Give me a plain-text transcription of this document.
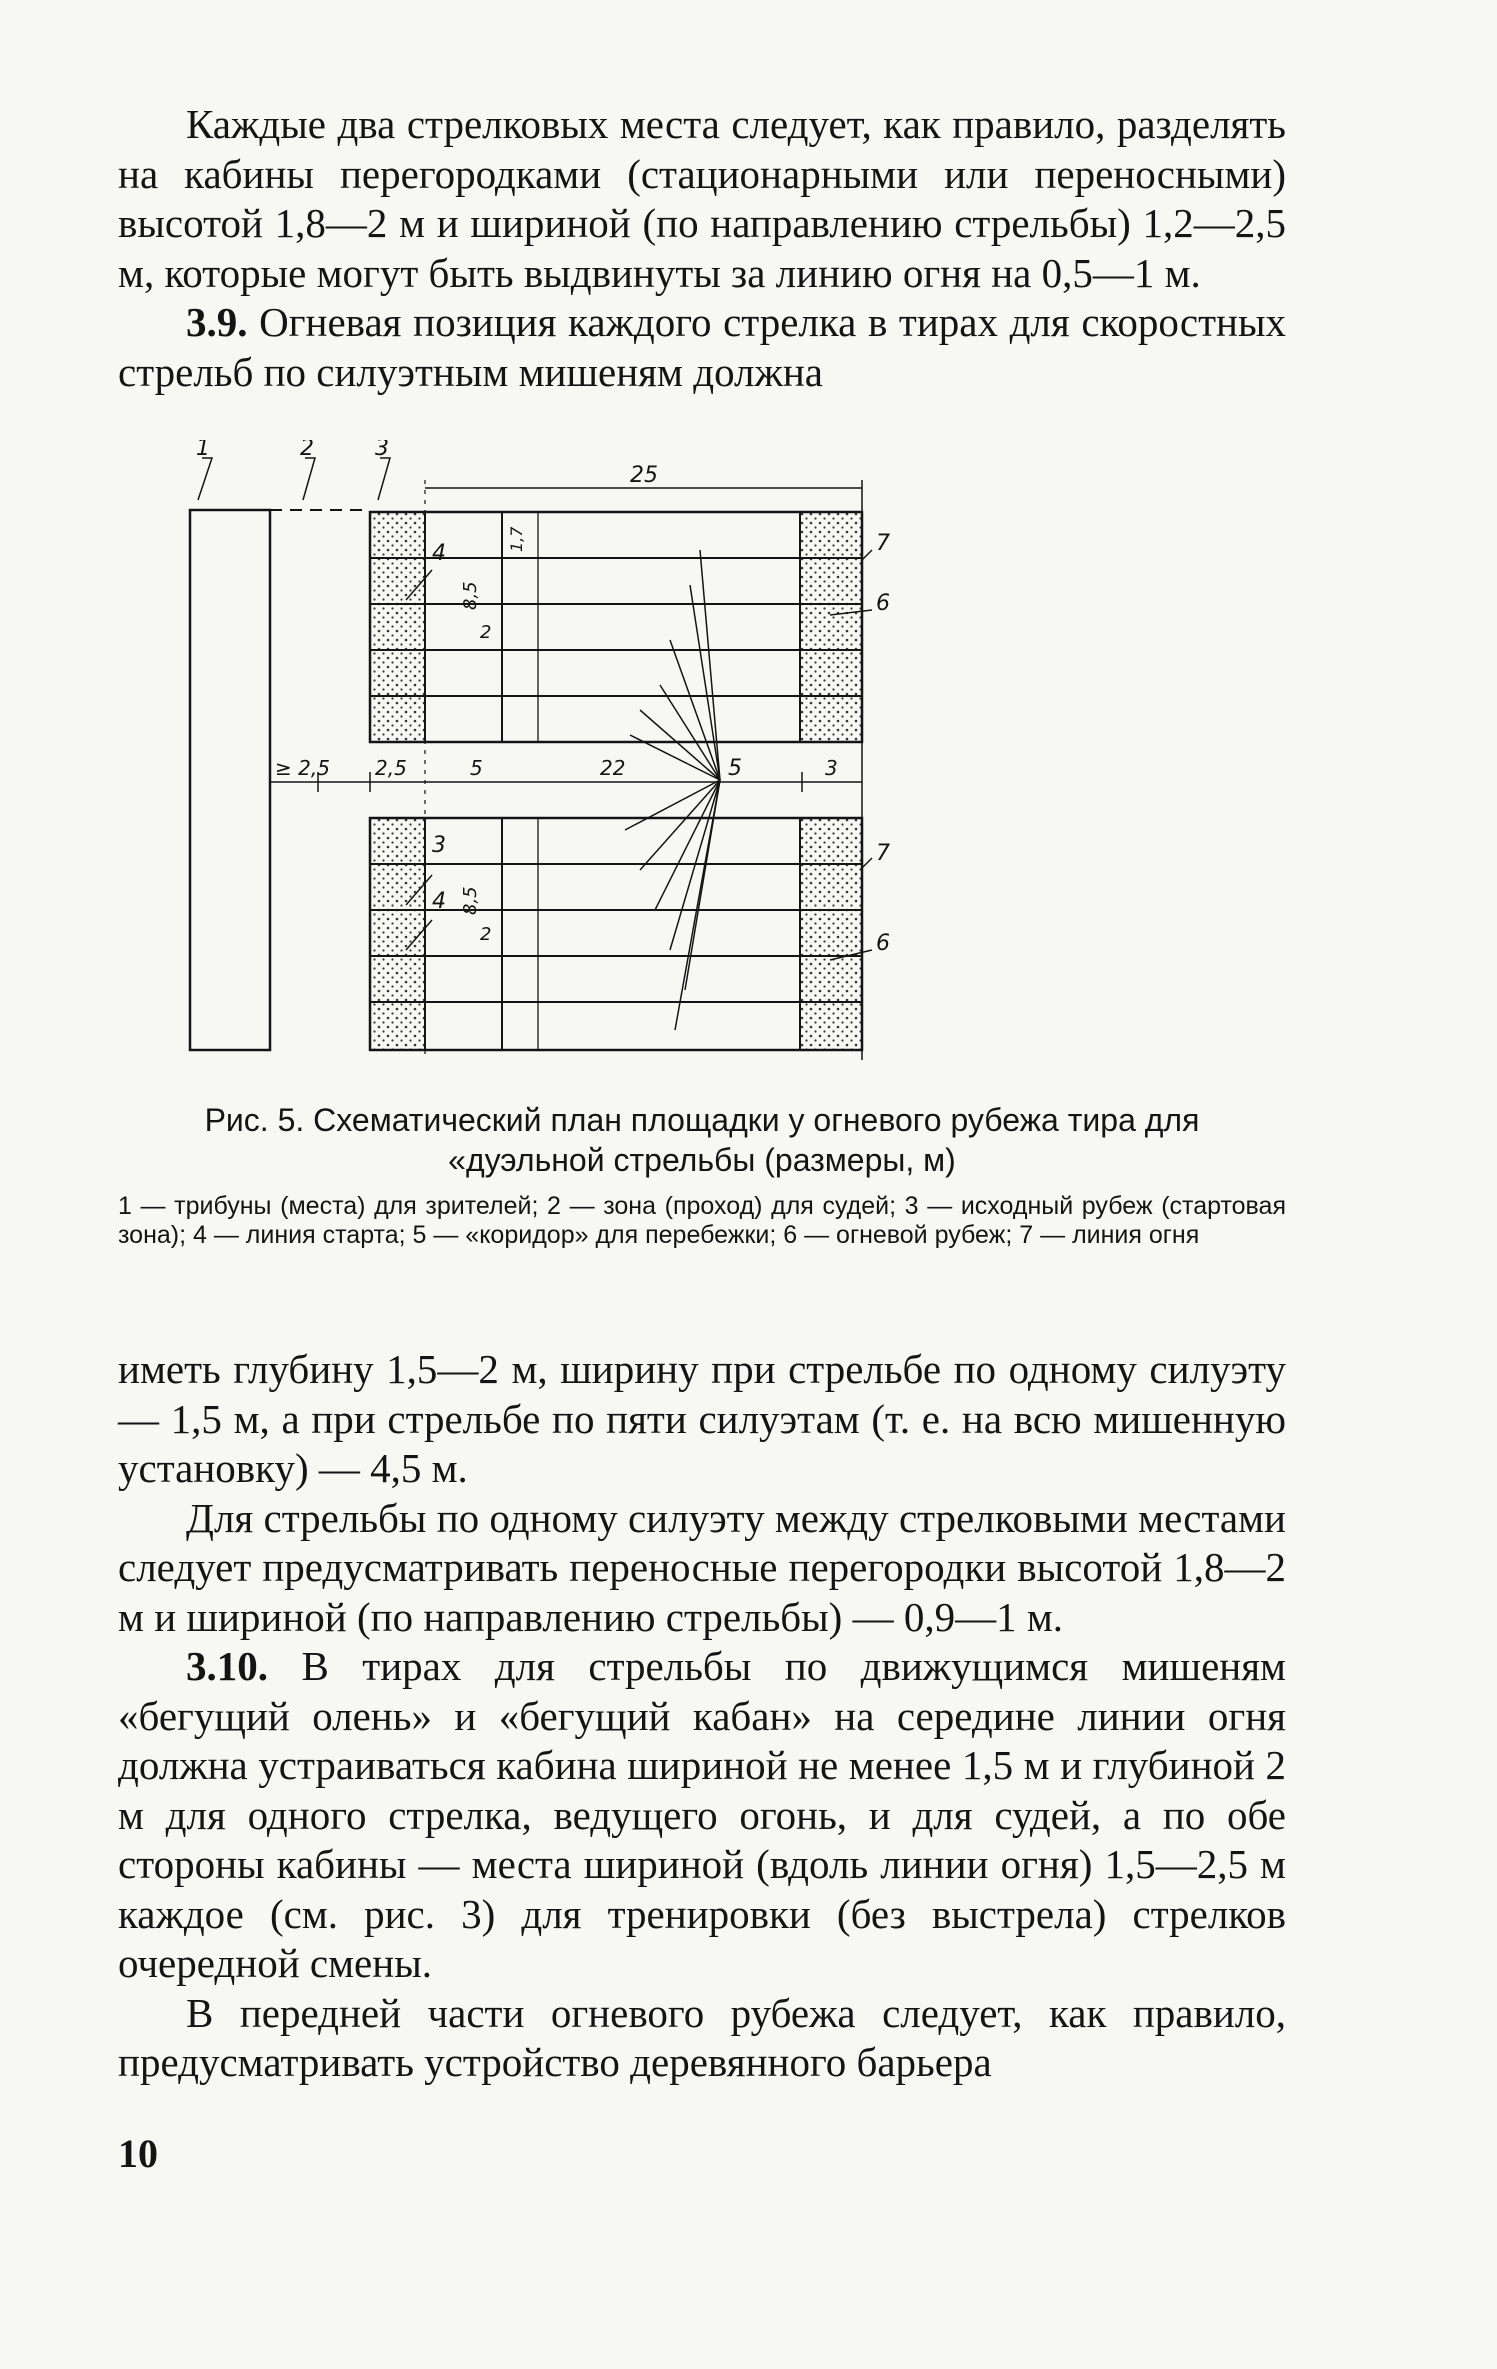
Каждые два стрелковых места следует, как правило, разделять на кабины перегородками (стационарными или переносными) высотой 1,8—2 м и шириной (по направлению стрельбы) 1,2—2,5 м, которые могут быть выдвинуты за линию огня на 0,5—1 м.
3.9. Огневая позиция каждого стрелка в тирах для скоростных стрельб по силуэтным мишеням должна
1	2	3
4
3
4
5
6
6
7
7
25
≥ 2,5 2,5	5	22	3
8,5
8,5
2
2
1,7
Рис. 5. Схематический план площадки у огневого рубежа тира для
«дуэльной стрельбы (размеры, м)
1 — трибуны (места) для зрителей; 2 — зона (проход) для судей; 3 — исходный рубеж (стартовая зона); 4 — линия старта; 5 — «коридор» для перебежки; 6 — огневой рубеж; 7 — линия огня
иметь глубину 1,5—2 м, ширину при стрельбе по одному силуэту — 1,5 м, а при стрельбе по пяти силуэтам (т. е. на всю мишенную установку) — 4,5 м.
Для стрельбы по одному силуэту между стрелковыми местами следует предусматривать переносные перегородки высотой 1,8—2 м и шириной (по направлению стрельбы) — 0,9—1 м.
3.10. В тирах для стрельбы по движущимся мишеням «бегущий олень» и «бегущий кабан» на середине линии огня должна устраиваться кабина шириной не менее 1,5 м и глубиной 2 м для одного стрелка, ведущего огонь, и для судей, а по обе стороны кабины — места шириной (вдоль линии огня) 1,5—2,5 м каждое (см. рис. 3) для тренировки (без выстрела) стрелков очередной смены.
В передней части огневого рубежа следует, как правило, предусматривать устройство деревянного барьера
10
